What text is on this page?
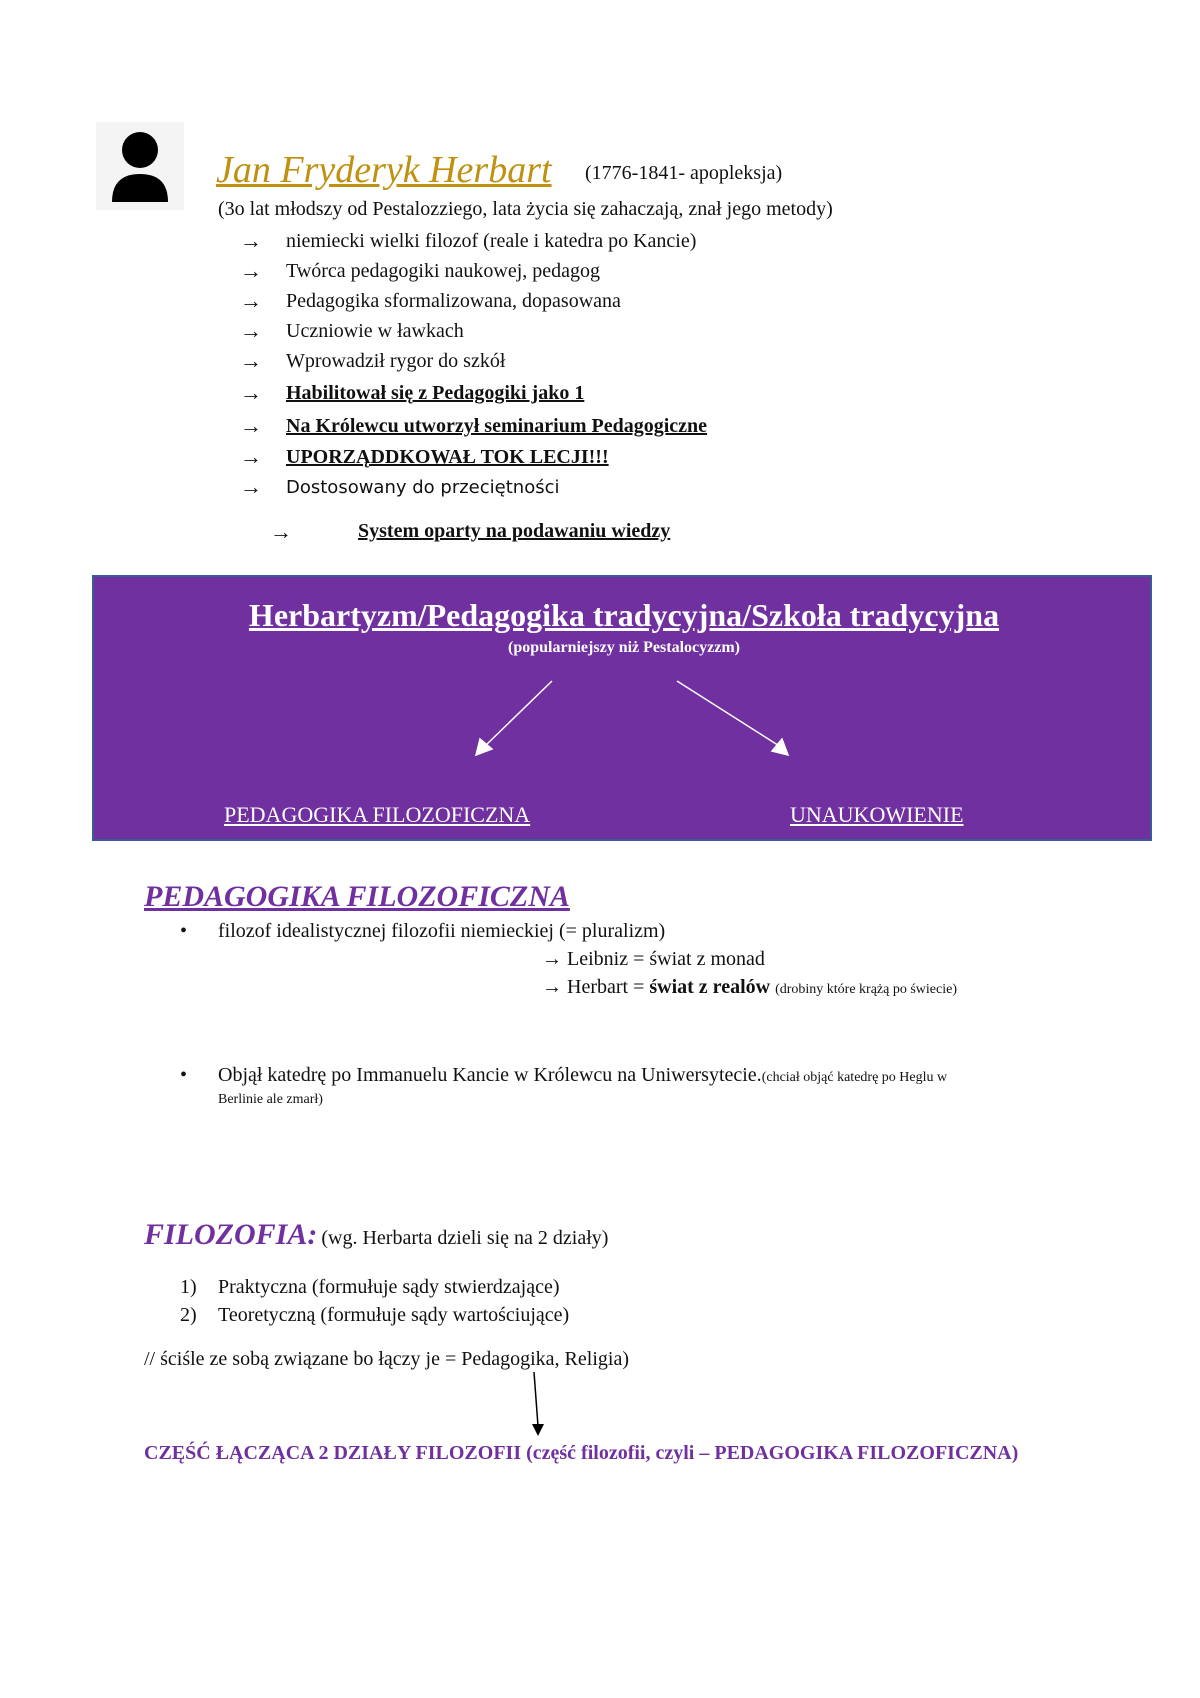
Jan Fryderyk Herbart (1776-1841- apopleksja)
(3o lat młodszy od Pestalozziego, lata życia się zahaczają, znał jego metody)
→	niemiecki wielki filozof (reale i katedra po Kancie)
→	Twórca pedagogiki naukowej, pedagog
→	Pedagogika sformalizowana, dopasowana
→	Uczniowie w ławkach
→	Wprowadził rygor do szkół
→	Habilitował się z Pedagogiki jako 1
→	Na Królewcu utworzył seminarium Pedagogiczne
→	UPORZĄDDKOWAŁ TOK LECJI!!!
→	Dostosowany do przeciętności
→	System oparty na podawaniu wiedzy
Herbartyzm/Pedagogika tradycyjna/Szkoła tradycyjna
(popularniejszy niż Pestalocyzzm)
PEDAGOGIKA FILOZOFICZNA	UNAUKOWIENIE
PEDAGOGIKA FILOZOFICZNA
• filozof idealistycznej filozofii niemieckiej (= pluralizm)
→ Leibniz = świat z monad
→ Herbart = świat z realów (drobiny które krążą po świecie)
• Objął katedrę po Immanuelu Kancie w Królewcu na Uniwersytecie.(chciał objąć katedrę po Heglu w
Berlinie ale zmarł)
FILOZOFIA: (wg. Herbarta dzieli się na 2 działy)
1) Praktyczna (formułuje sądy stwierdzające)
2) Teoretyczną (formułuje sądy wartościujące)
// ściśle ze sobą związane bo łączy je = Pedagogika, Religia)
CZĘŚĆ ŁĄCZĄCA 2 DZIAŁY FILOZOFII (część filozofii, czyli – PEDAGOGIKA FILOZOFICZNA)
